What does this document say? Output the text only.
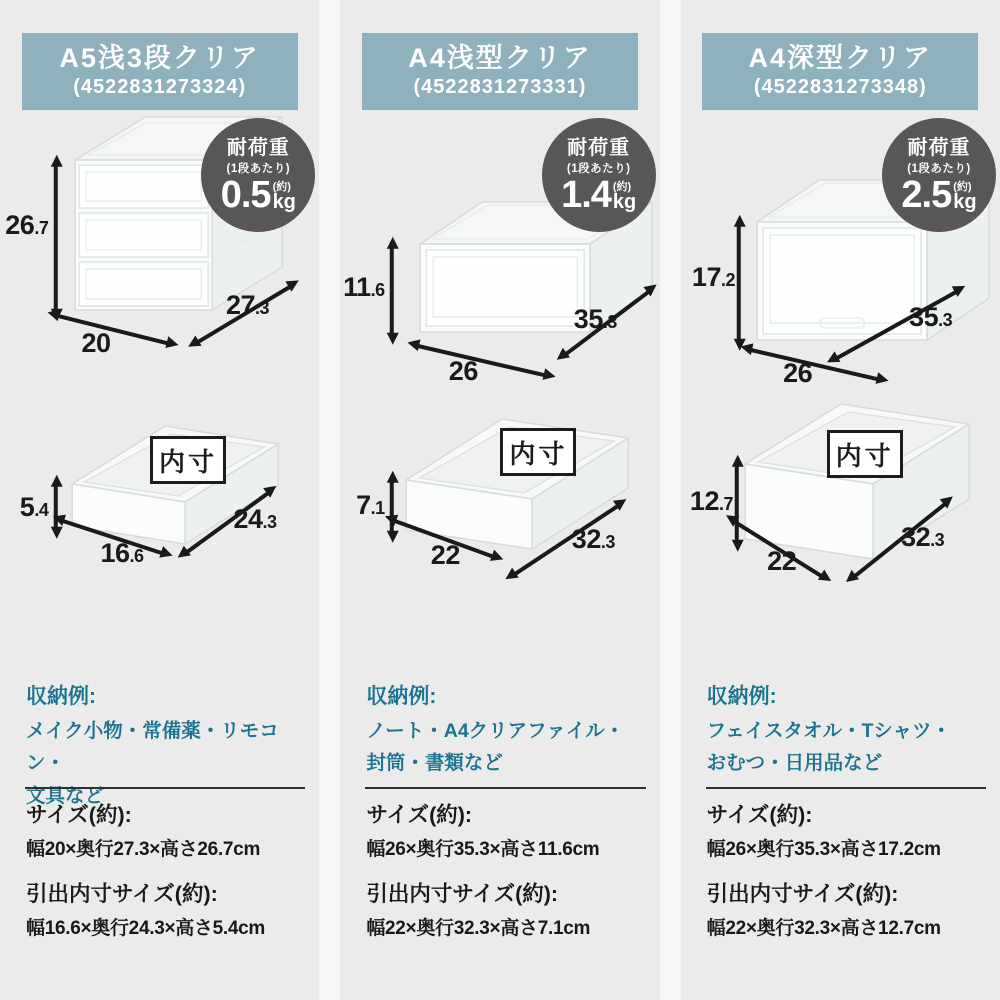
A5浅3段クリア
(4522831273324)
26.7
20
27.3
耐荷重
(1段あたり)
0.5 (約)
kg
5.4
16.6
24.3
内寸
収納例:
メイク小物・常備薬・リモコン・
文具など
サイズ(約):
幅20×奥行27.3×高さ26.7cm
引出内寸サイズ(約):
幅16.6×奥行24.3×高さ5.4cm
A4浅型クリア
(4522831273331)
11.6
26
35.3
耐荷重
(1段あたり)
1.4 (約)
kg
7.1
22
32.3
内寸
収納例:
ノート・A4クリアファイル・
封筒・書類など
サイズ(約):
幅26×奥行35.3×高さ11.6cm
引出内寸サイズ(約):
幅22×奥行32.3×高さ7.1cm
A4深型クリア
(4522831273348)
17.2
26
35.3
耐荷重
(1段あたり)
2.5 (約)
kg
12.7
22
32.3
内寸
収納例:
フェイスタオル・Tシャツ・
おむつ・日用品など
サイズ(約):
幅26×奥行35.3×高さ17.2cm
引出内寸サイズ(約):
幅22×奥行32.3×高さ12.7cm
